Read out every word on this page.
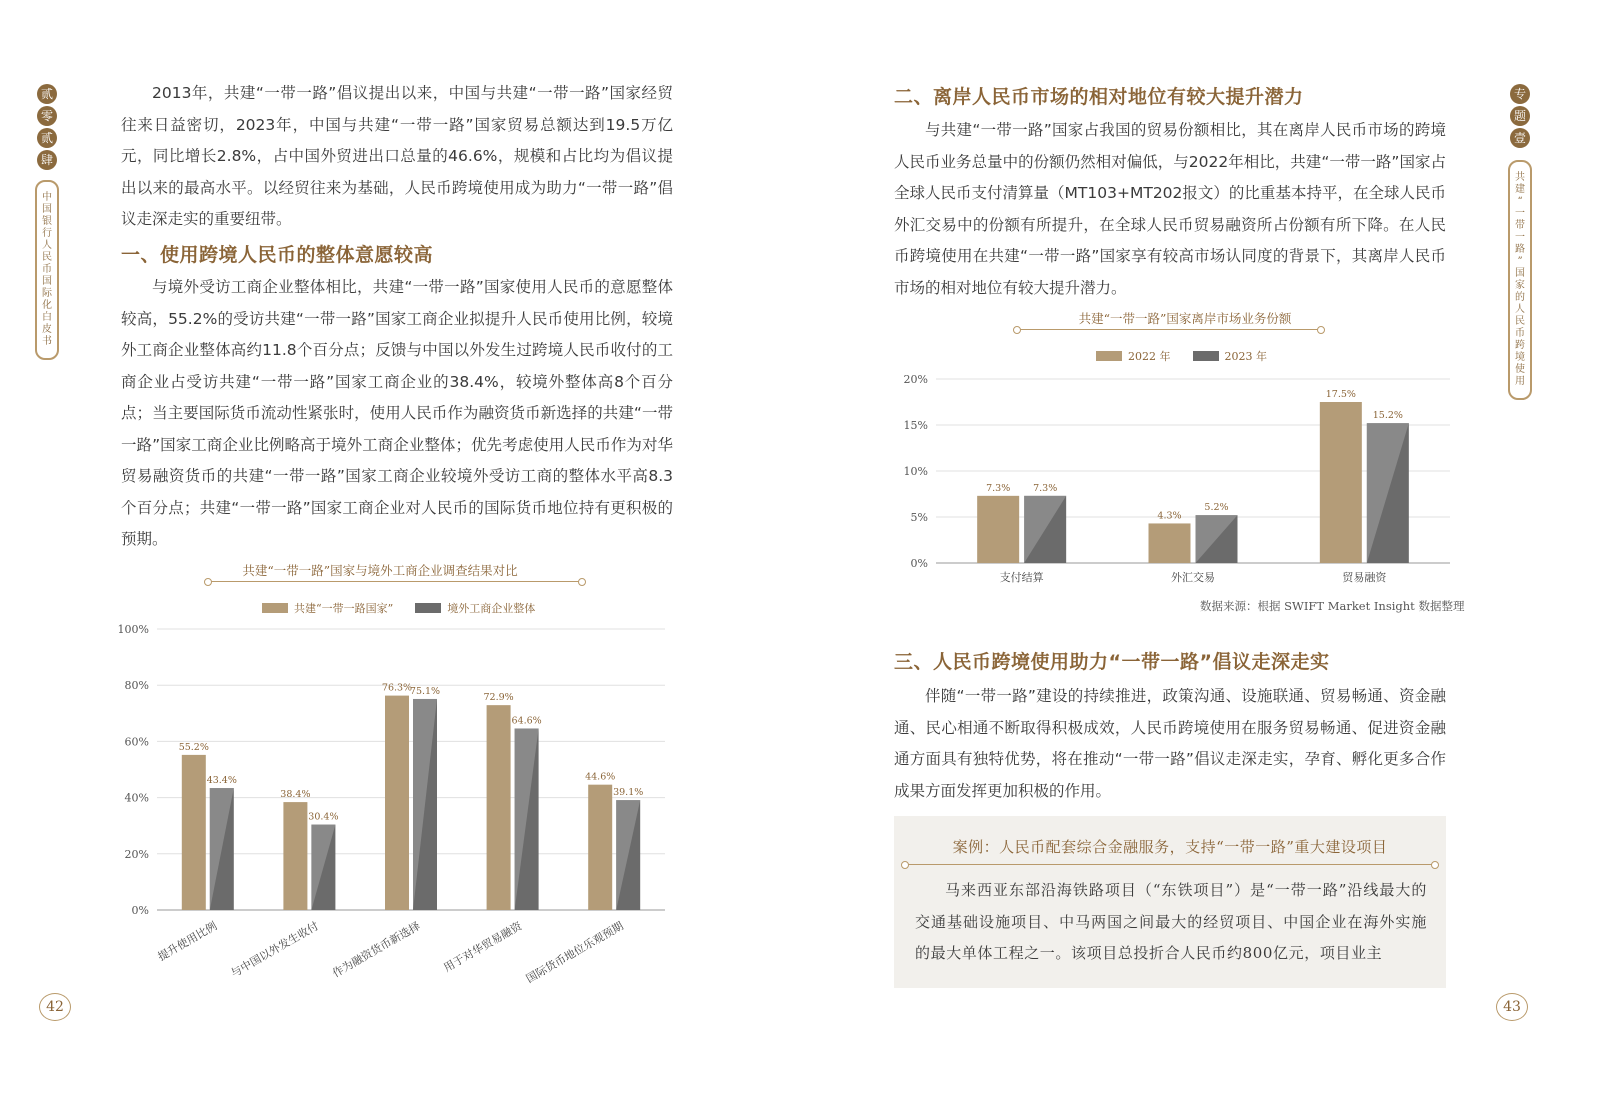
贰
零
贰
肆
中
国
银
行
人
民
币
国
际
化
白
皮
书

2013年，共建“一带一路”倡议提出以来，中国与共建“一带一路”国家经贸往来日益密切，2023年，中国与共建“一带一路”国家贸易总额达到19.5万亿元，同比增长2.8%，占中国外贸进出口总量的46.6%，规模和占比均为倡议提出以来的最高水平。以经贸往来为基础，人民币跨境使用成为助力“一带一路”倡议走深走实的重要纽带。

一、使用跨境人民币的整体意愿较高

与境外受访工商企业整体相比，共建“一带一路”国家使用人民币的意愿整体较高，55.2%的受访共建“一带一路”国家工商企业拟提升人民币使用比例，较境外工商企业整体高约11.8个百分点；反馈与中国以外发生过跨境人民币收付的工商企业占受访共建“一带一路”国家工商企业的38.4%，较境外整体高8个百分点；当主要国际货币流动性紧张时，使用人民币作为融资货币新选择的共建“一带一路”国家工商企业比例略高于境外工商企业整体；优先考虑使用人民币作为对华贸易融资货币的共建“一带一路”国家工商企业较境外受访工商的整体水平高8.3个百分点；共建“一带一路”国家工商企业对人民币的国际货币地位持有更积极的预期。

共建“一带一路”国家与境外工商企业调查结果对比
共建“一带一路国家”	境外工商企业整体
0%
20%
40%
60%
80%
100%
55.2%
43.4%
提升使用比例
38.4%
30.4%
与中国以外发生收付
76.3%
75.1%
作为融资货币新选择
72.9%
64.6%
用于对华贸易融资
44.6%
39.1%
国际货币地位乐观预期
42
专
题
壹
共
建
“
一
带
一
路
”
国
家
的
人
民
币
跨
境
使
用
二、离岸人民币市场的相对地位有较大提升潜力

与共建“一带一路”国家占我国的贸易份额相比，其在离岸人民币市场的跨境人民币业务总量中的份额仍然相对偏低，与2022年相比，共建“一带一路”国家占全球人民币支付清算量（MT103+MT202报文）的比重基本持平，在全球人民币外汇交易中的份额有所提升，在全球人民币贸易融资所占份额有所下降。在人民币跨境使用在共建“一带一路”国家享有较高市场认同度的背景下，其离岸人民币市场的相对地位有较大提升潜力。

共建“一带一路”国家离岸市场业务份额
2022 年	2023 年
0%
5%
10%
15%
20%
7.3% 7.3%
支付结算
4.3%
5.2%
外汇交易
17.5%
15.2%
贸易融资
数据来源：根据 SWIFT Market Insight 数据整理
三、人民币跨境使用助力“一带一路”倡议走深走实

伴随“一带一路”建设的持续推进，政策沟通、设施联通、贸易畅通、资金融通、民心相通不断取得积极成效，人民币跨境使用在服务贸易畅通、促进资金融通方面具有独特优势，将在推动“一带一路”倡议走深走实，孕育、孵化更多合作成果方面发挥更加积极的作用。

案例：人民币配套综合金融服务，支持“一带一路”重大建设项目

马来西亚东部沿海铁路项目（“东铁项目”）是“一带一路”沿线最大的交通基础设施项目、中马两国之间最大的经贸项目、中国企业在海外实施的最大单体工程之一。该项目总投折合人民币约800亿元，项目业主

43
